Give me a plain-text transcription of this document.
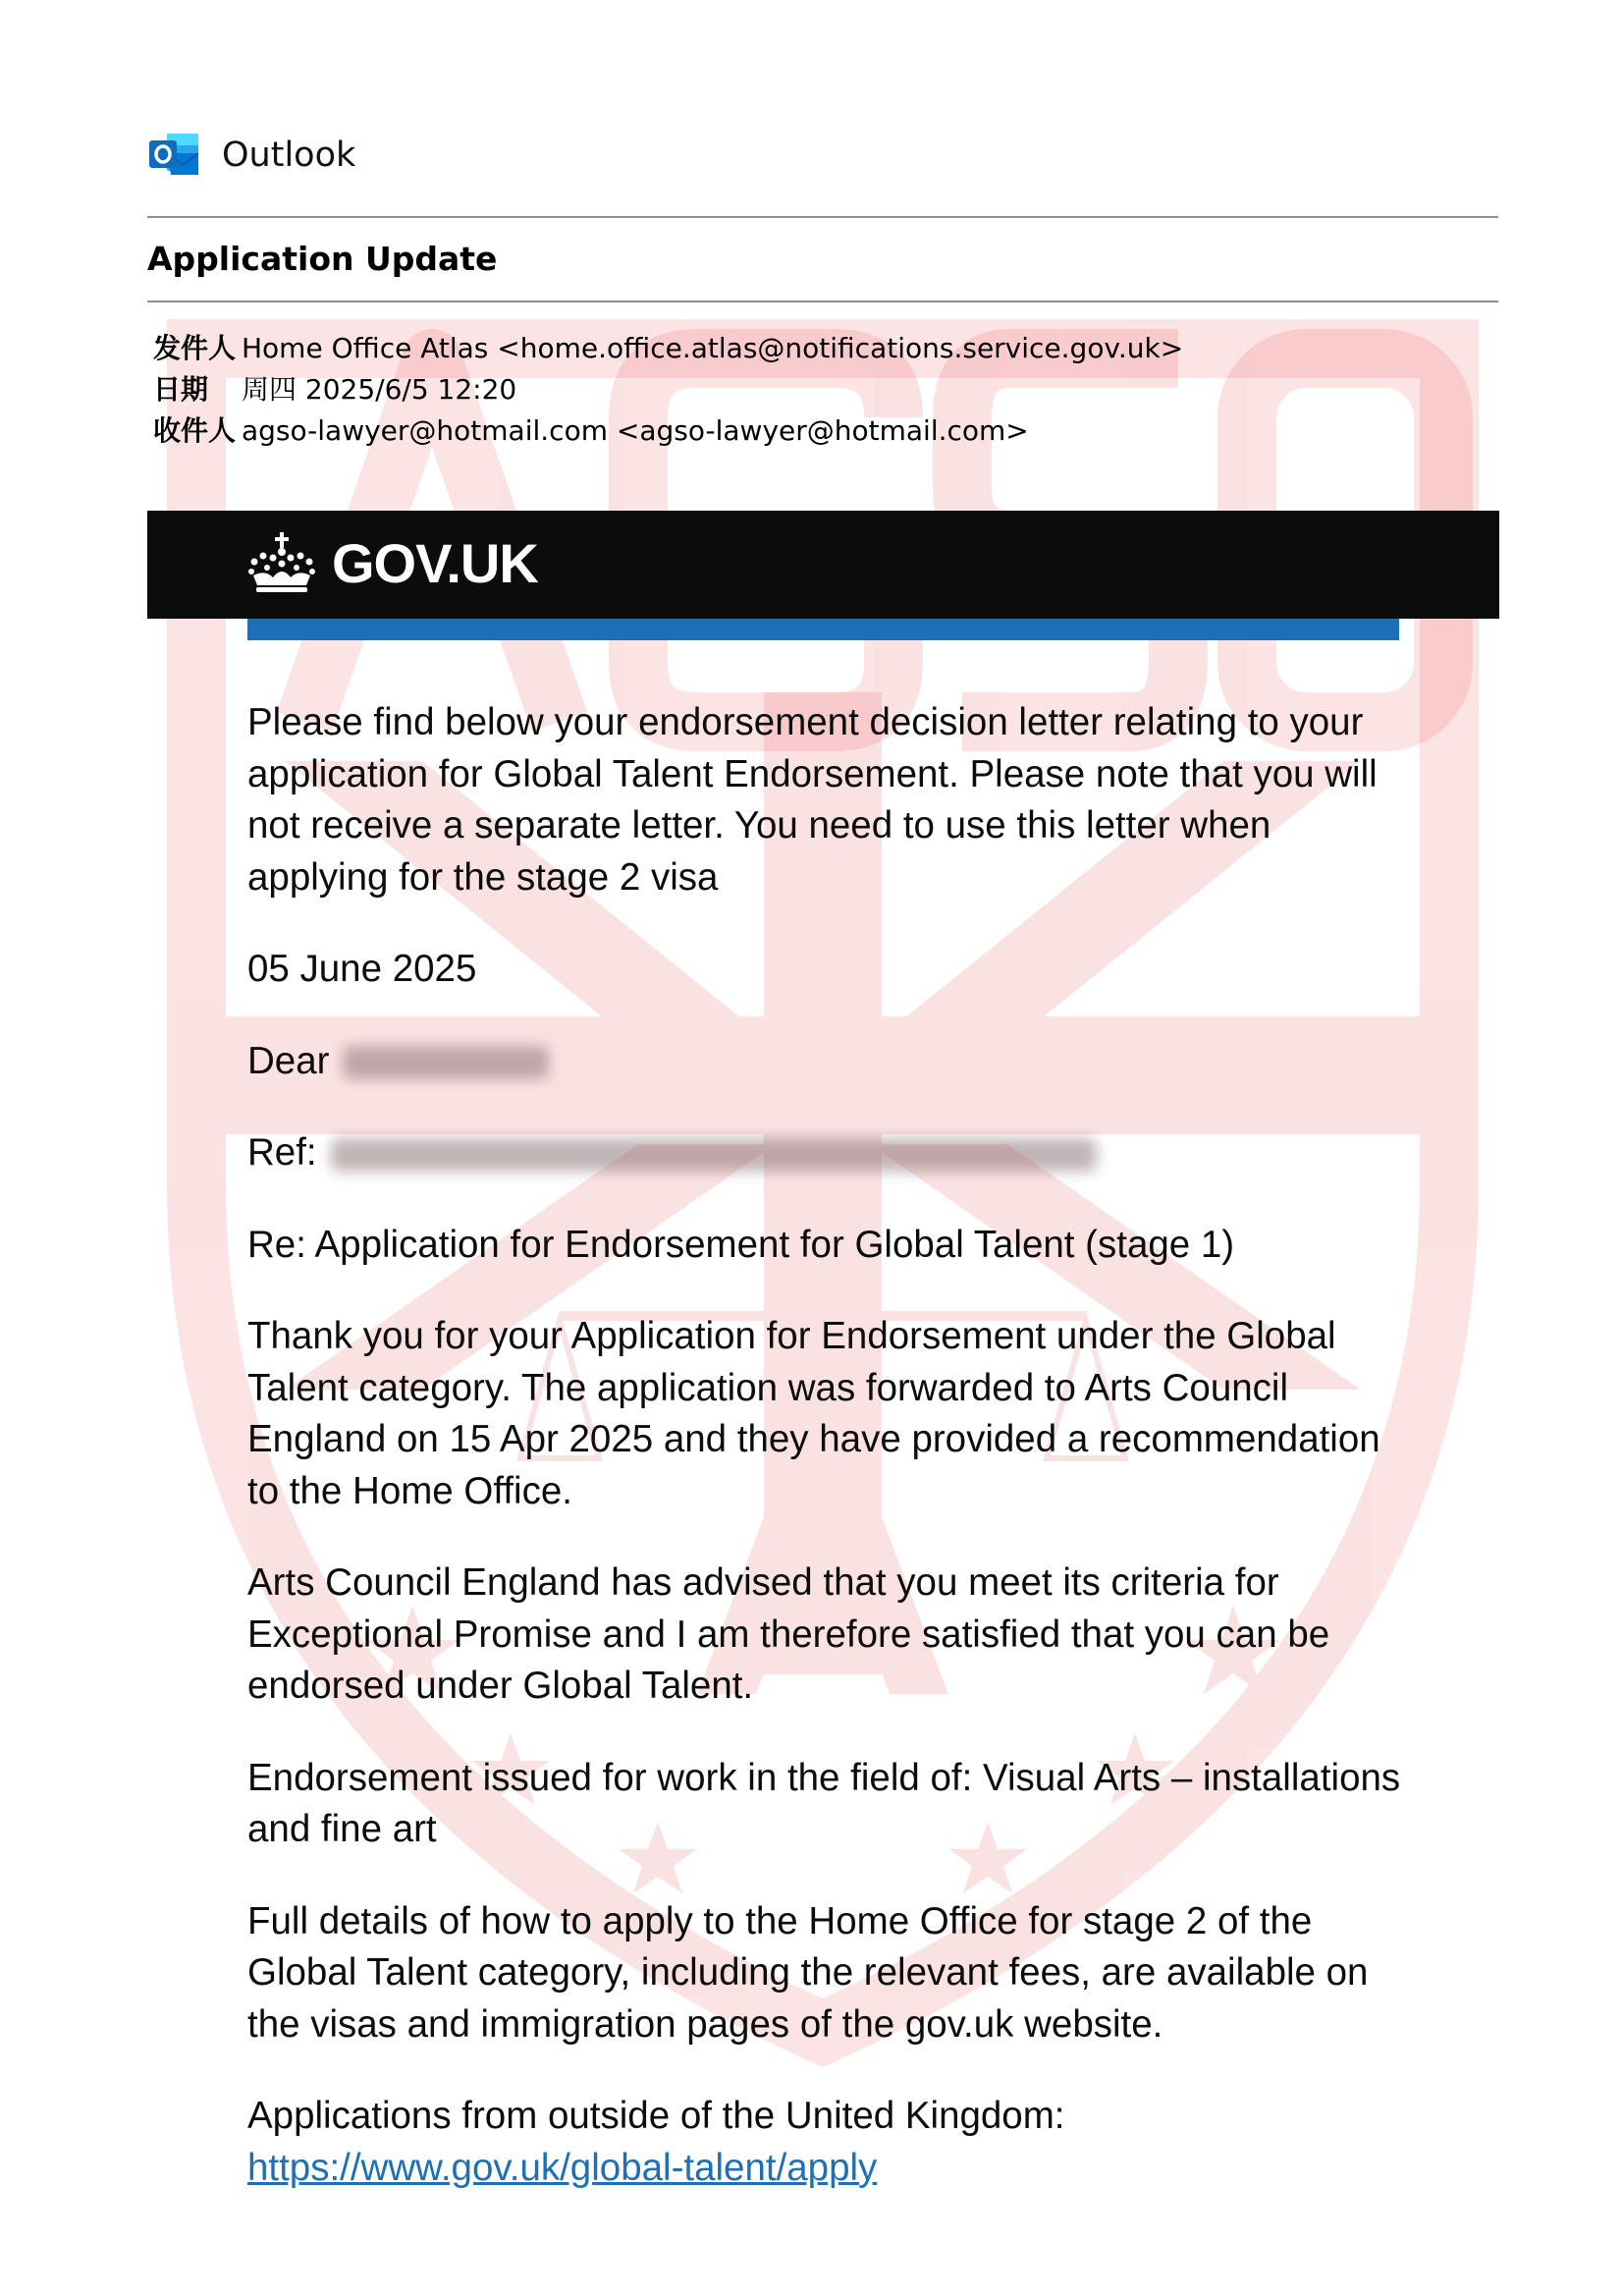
Outlook
Application Update
发件人 Home Office Atlas <home.office.atlas@notifications.service.gov.uk>
日期	周四 2025/6/5 12:20
收件人 agso-lawyer@hotmail.com <agso-lawyer@hotmail.com>
GOV.UK

Please find below your endorsement decision letter relating to your application for Global Talent Endorsement. Please note that you will not receive a separate letter. You need to use this letter when applying for the stage 2 visa

05 June 2025

Dear

Ref:

Re: Application for Endorsement for Global Talent (stage 1)

Thank you for your Application for Endorsement under the Global Talent category. The application was forwarded to Arts Council England on 15 Apr 2025 and they have provided a recommendation to the Home Office.

Arts Council England has advised that you meet its criteria for Exceptional Promise and I am therefore satisfied that you can be endorsed under Global Talent.

Endorsement issued for work in the field of: Visual Arts – installations and fine art

Full details of how to apply to the Home Office for stage 2 of the Global Talent category, including the relevant fees, are available on the visas and immigration pages of the gov.uk website.

Applications from outside of the United Kingdom:
https://www.gov.uk/global-talent/apply
